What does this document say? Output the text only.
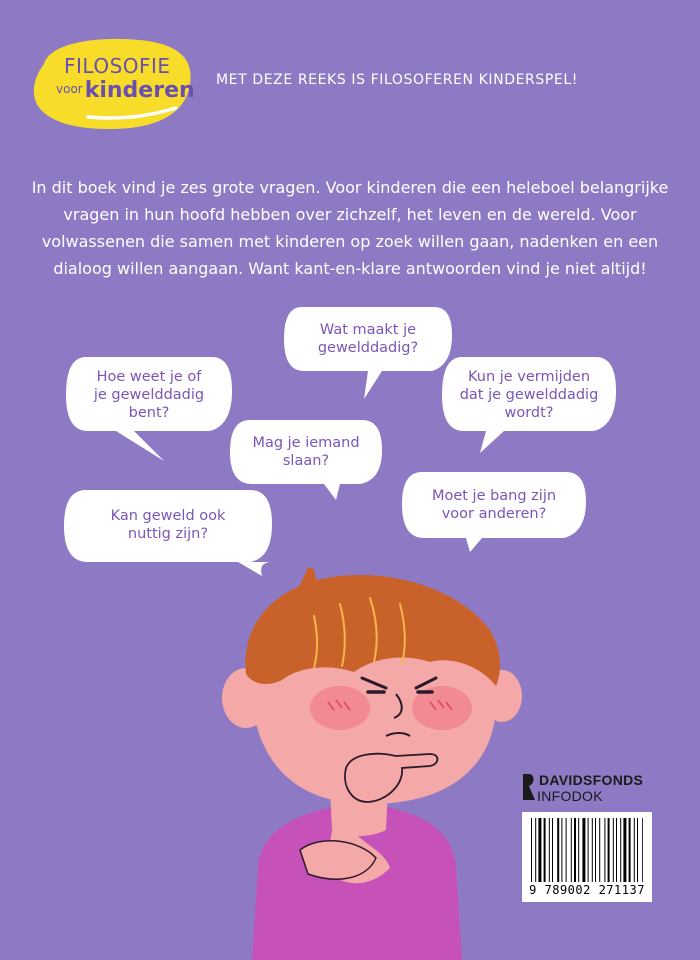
FILOSOFIE
$^{voor}$kinderen MET DEZE REEKS IS FILOSOFEREN KINDERSPEL!
In dit boek vind je zes grote vragen. Voor kinderen die een heleboel belangrijke vragen in hun hoofd hebben over zichzelf, het leven en de wereld. Voor volwassenen die samen met kinderen op zoek willen gaan, nadenken en een dialoog willen aangaan. Want kant-en-klare antwoorden vind je niet altijd!
Wat maakt je
gewelddadig?
Hoe weet je of
je gewelddadig
bent?
Kun je vermijden
dat je gewelddadig
wordt?
Mag je iemand
slaan?
Moet je bang zijn
voor anderen?
Kan geweld ook
nuttig zijn?
DAVIDSFONDS
INFODOK
9 789002 271137
